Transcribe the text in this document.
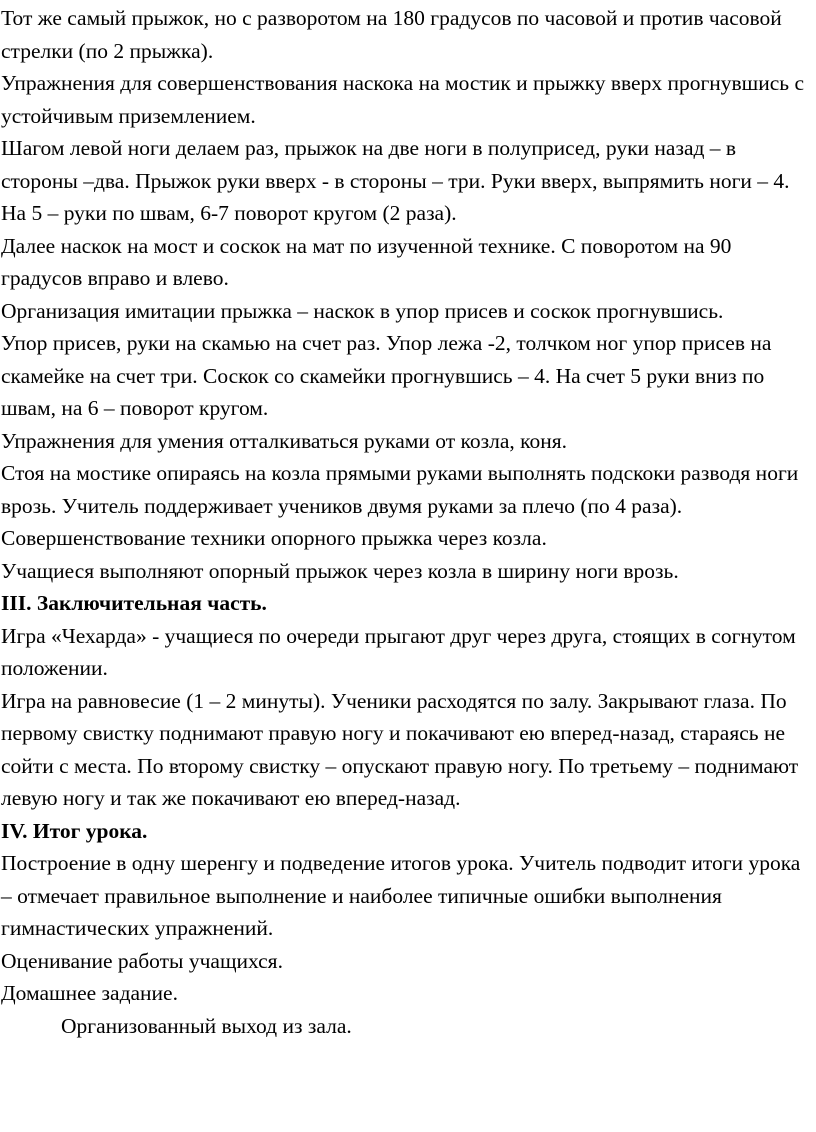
Тот же самый прыжок, но с разворотом на 180 градусов по часовой и против часовой стрелки (по 2 прыжка).

Упражнения для совершенствования наскока на мостик и прыжку вверх прогнувшись с устойчивым приземлением.

Шагом левой ноги делаем раз, прыжок на две ноги в полуприсед, руки назад – в стороны –два. Прыжок руки вверх - в стороны – три. Руки вверх, выпрямить ноги – 4. На 5 – руки по швам, 6-7 поворот кругом (2 раза).

Далее наскок на мост и соскок на мат по изученной технике. С поворотом на 90 градусов вправо и влево.

Организация имитации прыжка – наскок в упор присев и соскок прогнувшись.

Упор присев, руки на скамью на счет раз. Упор лежа -2, толчком ног упор присев на скамейке на счет три. Соскок со скамейки прогнувшись – 4. На счет 5 руки вниз по швам, на 6 – поворот кругом.

Упражнения для умения отталкиваться руками от козла, коня.

Стоя на мостике опираясь на козла прямыми руками выполнять подскоки разводя ноги врозь. Учитель поддерживает учеников двумя руками за плечо (по 4 раза).

Совершенствование техники опорного прыжка через козла.

Учащиеся выполняют опорный прыжок через козла в ширину ноги врозь.

III. Заключительная часть.

Игра «Чехарда» - учащиеся по очереди прыгают друг через друга, стоящих в согнутом положении.

Игра на равновесие (1 – 2 минуты). Ученики расходятся по залу. Закрывают глаза. По первому свистку поднимают правую ногу и покачивают ею вперед-назад, стараясь не сойти с места. По второму свистку – опускают правую ногу. По третьему – поднимают левую ногу и так же покачивают ею вперед-назад.

IV. Итог урока.

Построение в одну шеренгу и подведение итогов урока. Учитель подводит итоги урока – отмечает правильное выполнение и наиболее типичные ошибки выполнения гимнастических упражнений.

Оценивание работы учащихся.

Домашнее задание.

Организованный выход из зала.
